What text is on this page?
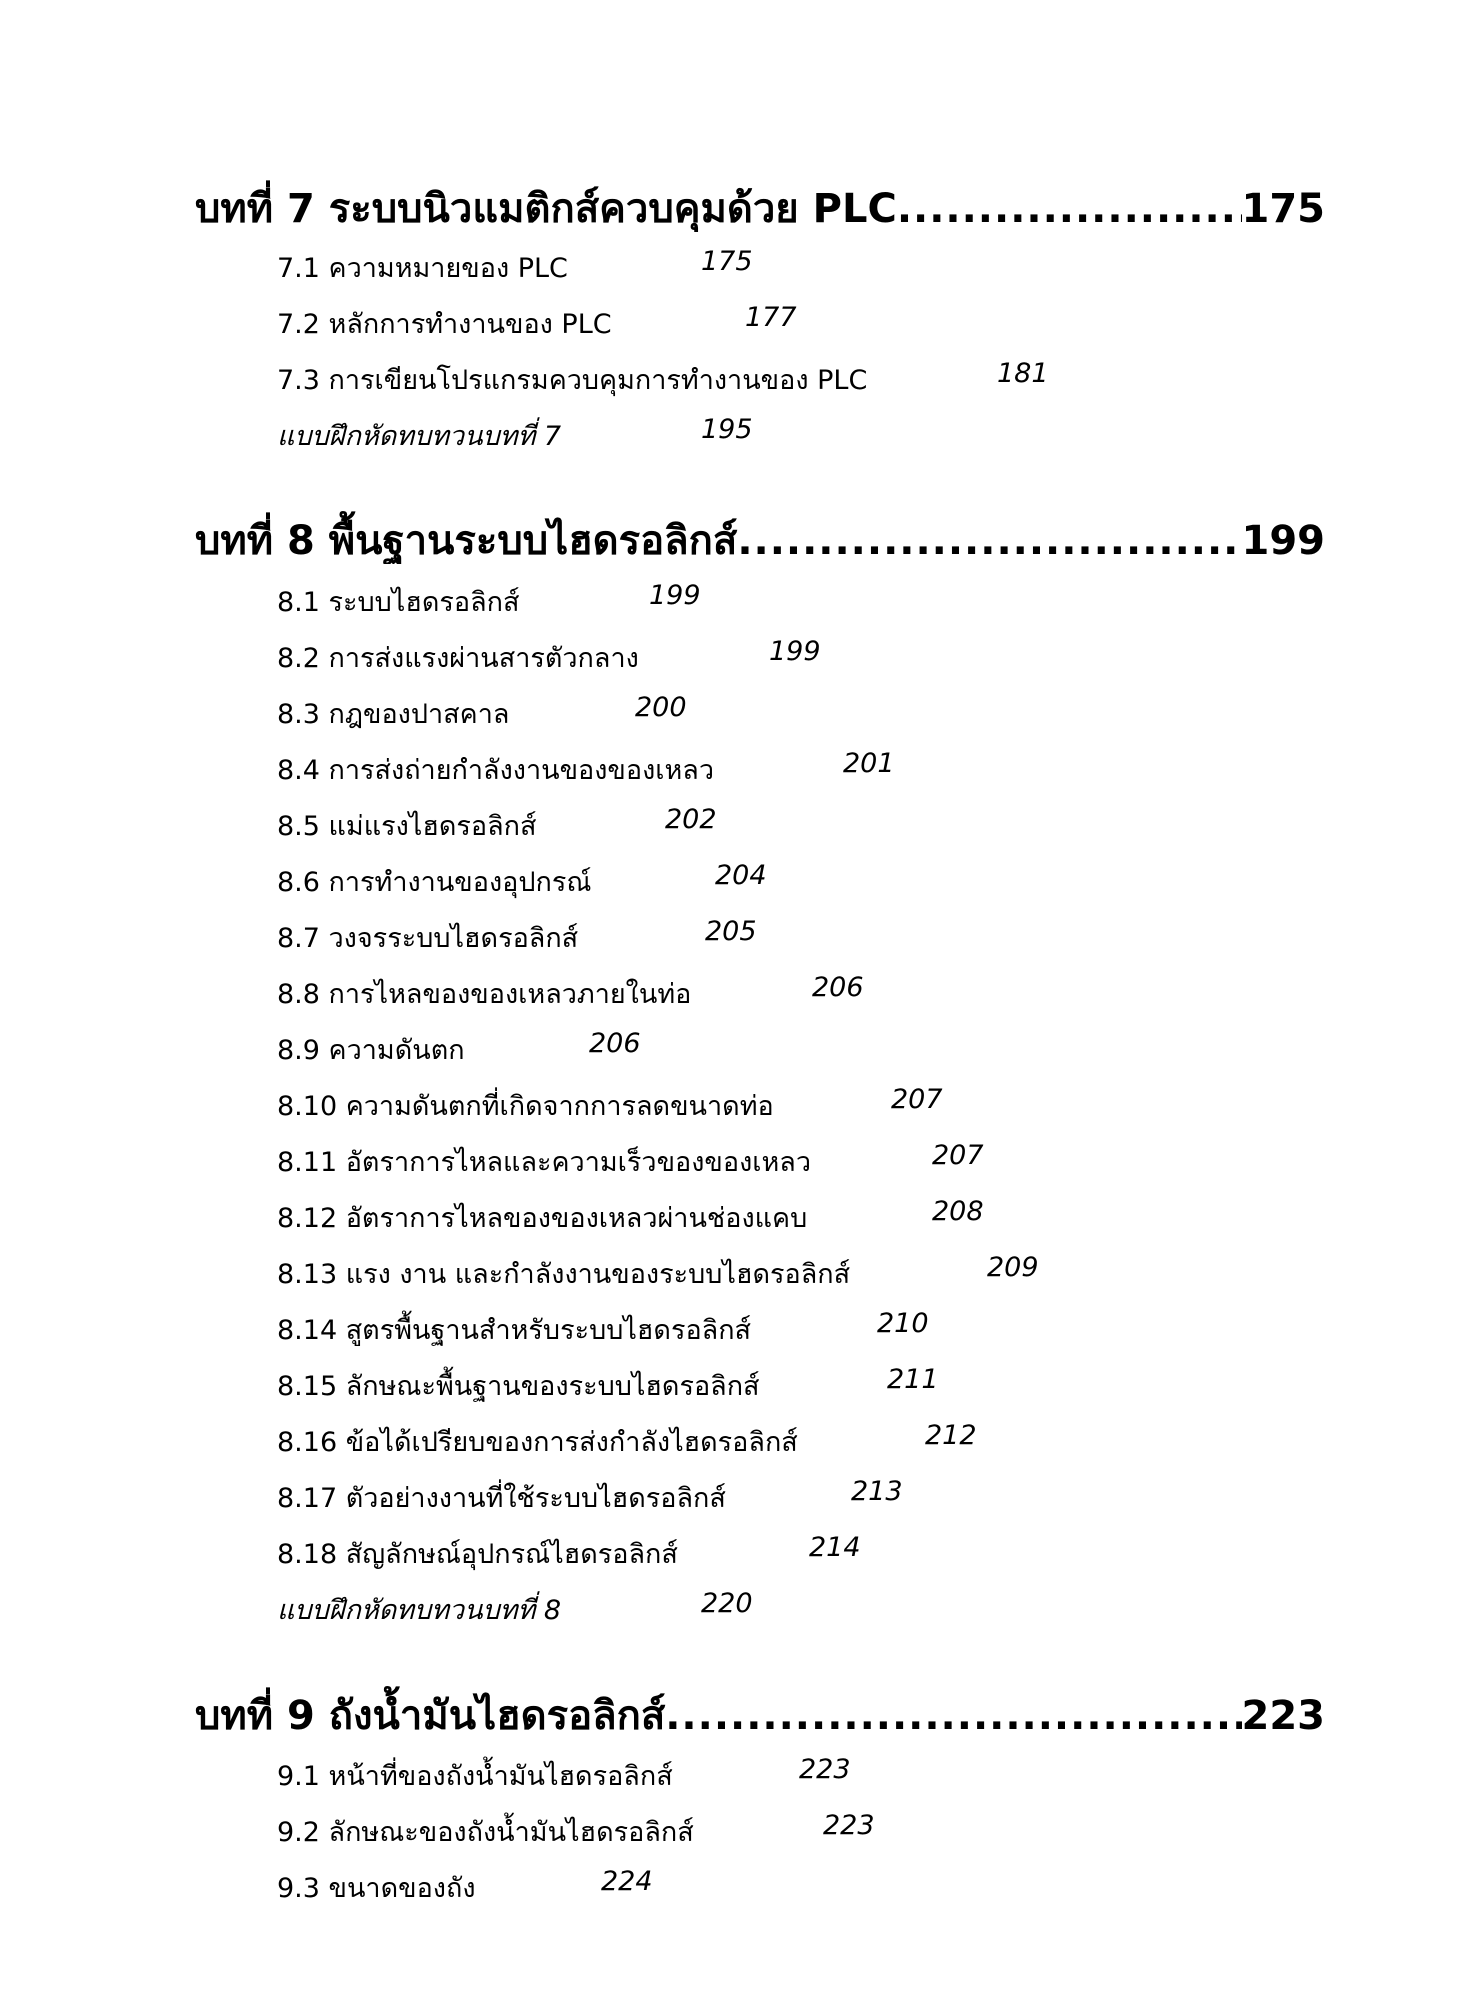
บทที่ 7 ระบบนิวแมติกส์ควบคุมด้วย PLC .....	175
7.1 ความหมายของ PLC	175
7.2 หลักการทำงานของ PLC	177
7.3 การเขียนโปรแกรมควบคุมการทำงานของ PLC	181
แบบฝึกหัดทบทวนบทที่ 7	195
บทที่ 8 พื้นฐานระบบไฮดรอลิกส์ .....	199
8.1 ระบบไฮดรอลิกส์	199
8.2 การส่งแรงผ่านสารตัวกลาง	199
8.3 กฎของปาสคาล	200
8.4 การส่งถ่ายกำลังงานของของเหลว	201
8.5 แม่แรงไฮดรอลิกส์	202
8.6 การทำงานของอุปกรณ์	204
8.7 วงจรระบบไฮดรอลิกส์	205
8.8 การไหลของของเหลวภายในท่อ	206
8.9 ความดันตก	206
8.10 ความดันตกที่เกิดจากการลดขนาดท่อ	207
8.11 อัตราการไหลและความเร็วของของเหลว	207
8.12 อัตราการไหลของของเหลวผ่านช่องแคบ	208
8.13 แรง งาน และกำลังงานของระบบไฮดรอลิกส์	209
8.14 สูตรพื้นฐานสำหรับระบบไฮดรอลิกส์	210
8.15 ลักษณะพื้นฐานของระบบไฮดรอลิกส์	211
8.16 ข้อได้เปรียบของการส่งกำลังไฮดรอลิกส์	212
8.17 ตัวอย่างงานที่ใช้ระบบไฮดรอลิกส์	213
8.18 สัญลักษณ์อุปกรณ์ไฮดรอลิกส์	214
แบบฝึกหัดทบทวนบทที่ 8	220
บทที่ 9 ถังน้ำมันไฮดรอลิกส์ .....	223
9.1 หน้าที่ของถังน้ำมันไฮดรอลิกส์	223
9.2 ลักษณะของถังน้ำมันไฮดรอลิกส์	223
9.3 ขนาดของถัง	224
